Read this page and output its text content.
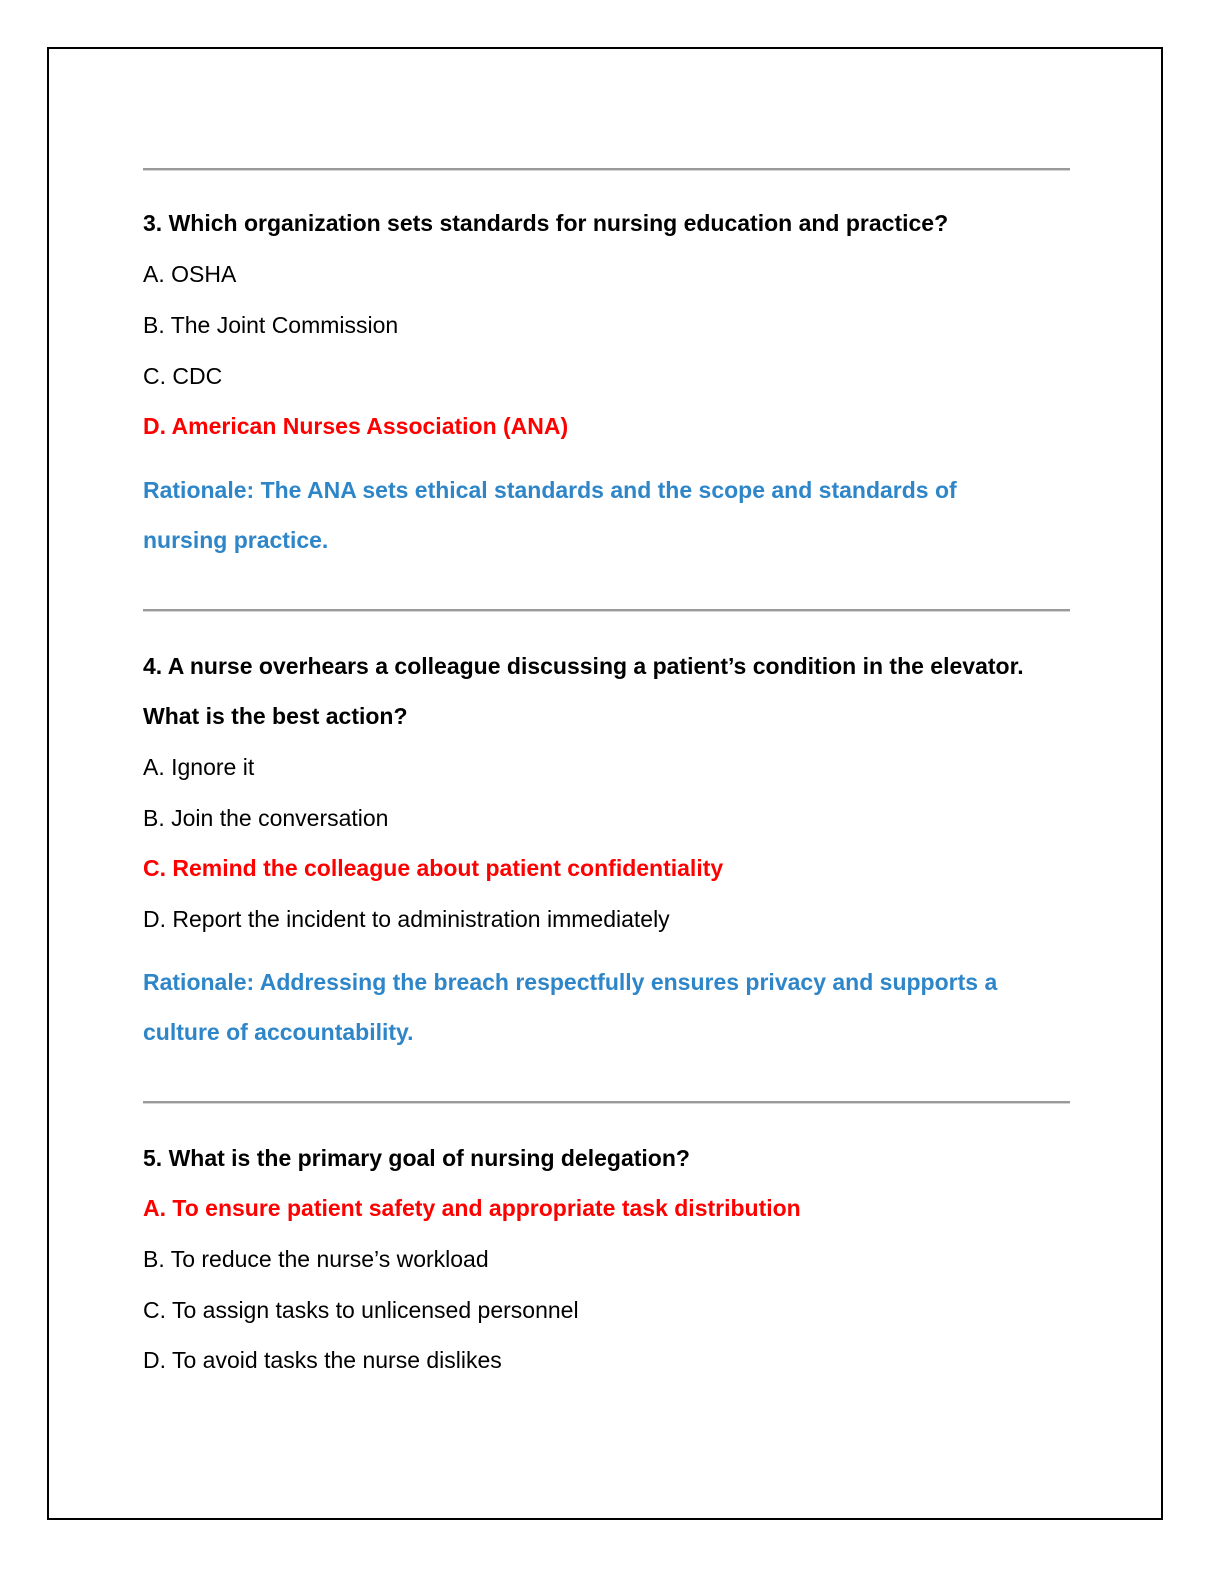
3. Which organization sets standards for nursing education and practice?
A. OSHA
B. The Joint Commission
C. CDC
D. American Nurses Association (ANA)
Rationale: The ANA sets ethical standards and the scope and standards of
nursing practice.
4. A nurse overhears a colleague discussing a patient’s condition in the elevator.
What is the best action?
A. Ignore it
B. Join the conversation
C. Remind the colleague about patient confidentiality
D. Report the incident to administration immediately
Rationale: Addressing the breach respectfully ensures privacy and supports a
culture of accountability.
5. What is the primary goal of nursing delegation?
A. To ensure patient safety and appropriate task distribution
B. To reduce the nurse’s workload
C. To assign tasks to unlicensed personnel
D. To avoid tasks the nurse dislikes
